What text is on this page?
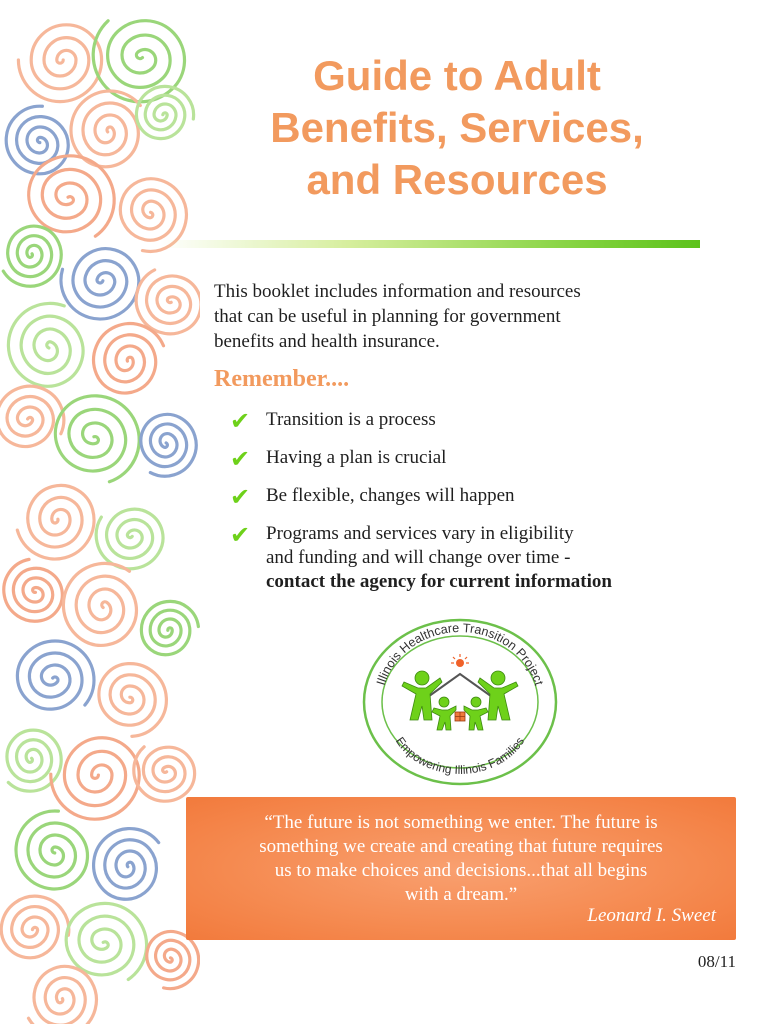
Guide to Adult
Benefits, Services,
and Resources
This booklet includes information and resources
that can be useful in planning for government
benefits and health insurance.
Remember....
✔ Transition is a process
✔ Having a plan is crucial
✔ Be flexible, changes will happen
✔ Programs and services vary in eligibility
and funding and will change over time -
contact the agency for current information
Illinois Healthcare Transition Project
Empowering Illinois Families
“The future is not something we enter. The future is
something we create and creating that future requires
us to make choices and decisions...that all begins
with a dream.”
Leonard I. Sweet
08/11
